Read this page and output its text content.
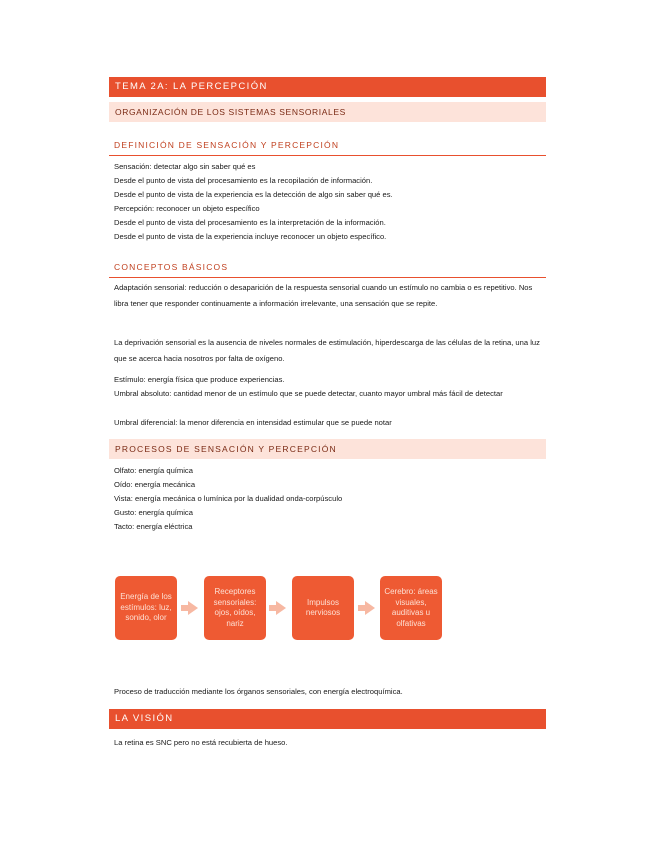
TEMA 2A: LA PERCEPCIÓN
ORGANIZACIÓN DE LOS SISTEMAS SENSORIALES
DEFINICIÓN DE SENSACIÓN Y PERCEPCIÓN
Sensación: detectar algo sin saber qué es
Desde el punto de vista del procesamiento es la recopilación de información.
Desde el punto de vista de la experiencia es la detección de algo sin saber qué es.
Percepción: reconocer un objeto específico
Desde el punto de vista del procesamiento es la interpretación de la información.
Desde el punto de vista de la experiencia incluye reconocer un objeto específico.
CONCEPTOS BÁSICOS
Adaptación sensorial: reducción o desaparición de la respuesta sensorial cuando un estímulo no cambia o es repetitivo. Nos libra tener que responder continuamente a información irrelevante, una sensación que se repite.
La deprivación sensorial es la ausencia de niveles normales de estimulación, hiperdescarga de las células de la retina, una luz que se acerca hacia nosotros por falta de oxígeno.
Estímulo: energía física que produce experiencias.
Umbral absoluto: cantidad menor de un estímulo que se puede detectar, cuanto mayor umbral más fácil de detectar
Umbral diferencial: la menor diferencia en intensidad estimular que se puede notar
PROCESOS DE SENSACIÓN Y PERCEPCIÓN
Olfato: energía química
Oído: energía mecánica
Vista: energía mecánica o lumínica por la dualidad onda-corpúsculo
Gusto: energía química
Tacto: energía eléctrica
Energía de los estímulos: luz, sonido, olor
Receptores sensoriales: ojos, oídos, nariz
Impulsos nerviosos
Cerebro: áreas visuales, auditivas u olfativas
Proceso de traducción mediante los órganos sensoriales, con energía electroquímica.
LA VISIÓN
La retina es SNC pero no está recubierta de hueso.
